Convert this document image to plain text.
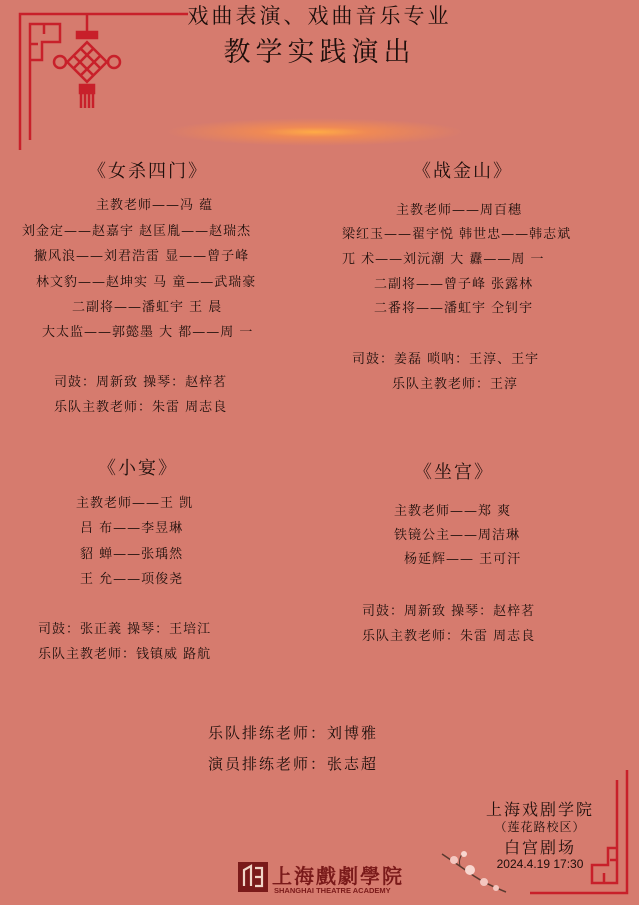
戏曲表演、戏曲音乐专业
教学实践演出
《女杀四门》
主教老师——冯 蕴
刘金定——赵嘉宇 赵匡胤——赵瑞杰
撇风浪——刘君浩雷 显——曾子峰
林文豹——赵坤实 马 童——武瑞豪
二副将——潘虹宇 王 晨
大太监——郭懿墨 大 都——周 一
司鼓：周新致 操琴：赵梓茗
乐队主教老师：朱雷 周志良
《战金山》
主教老师——周百穗
梁红玉——翟宇悦 韩世忠——韩志斌
兀 术——刘沅潮 大 纛——周 一
二副将——曾子峰 张露林
二番将——潘虹宇 仝钊宇
司鼓：姜磊 唢呐：王淳、王宇
乐队主教老师：王淳
《小宴》
主教老师——王 凯
吕 布——李昱琳
貂 蝉——张瑀然
王 允——项俊尧
司鼓：张正義 操琴：王培江
乐队主教老师：钱镇威 路航
《坐宫》
主教老师——郑 爽
铁镜公主——周洁琳
杨延辉—— 王可汗
司鼓：周新致 操琴：赵梓茗
乐队主教老师：朱雷 周志良
乐队排练老师：刘博雅
演员排练老师：张志超
上海戏剧学院
（莲花路校区）
白宫剧场
2024.4.19 17:30
上海戲劇學院
SHANGHAI THEATRE ACADEMY
